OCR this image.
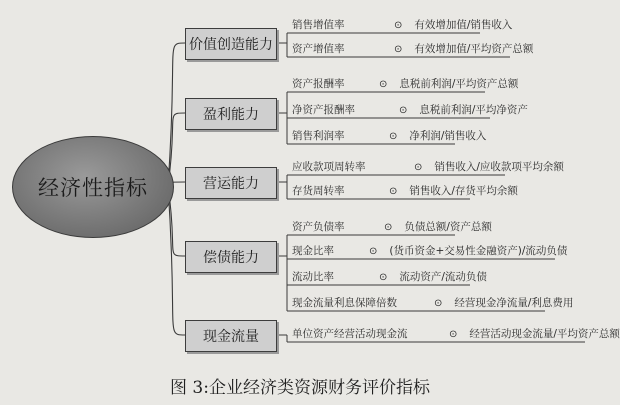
经济性指标
价值创造能力
销售增值率	⊙ 有效增加值/销售收入
资产增值率	⊙ 有效增加值/平均资产总额
盈利能力
资产报酬率	⊙ 息税前利润/平均资产总额
净资产报酬率	⊙ 息税前利润/平均净资产
销售利润率	⊙ 净利润/销售收入
营运能力
应收款项周转率	⊙ 销售收入/应收款项平均余额
存货周转率	⊙ 销售收入/存货平均余额
偿债能力
资产负债率	⊙ 负债总额/资产总额
现金比率	⊙ (货币资金+交易性金融资产)/流动负债
流动比率	⊙ 流动资产/流动负债
现金流量利息保障倍数	⊙ 经营现金净流量/利息费用
现金流量	单位资产经营活动现金流	⊙ 经营活动现金流量/平均资产总额
图 3:企业经济类资源财务评价指标
